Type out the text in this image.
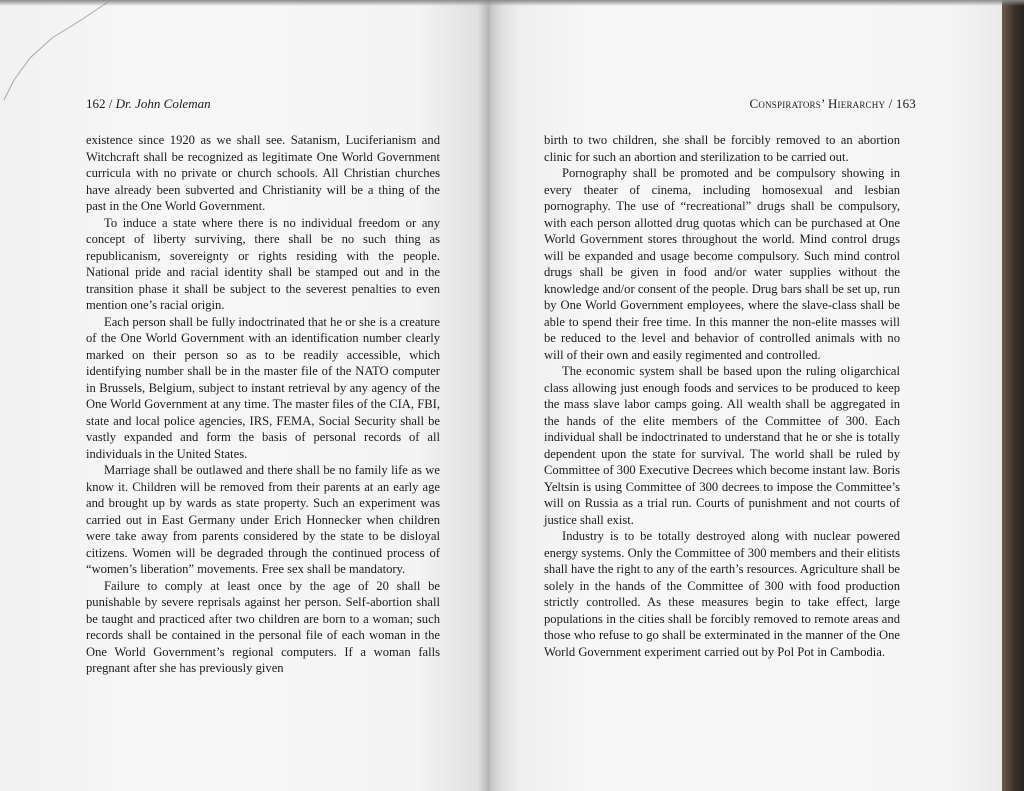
162 / Dr. John Coleman

existence since 1920 as we shall see. Satanism, Luciferianism and Witchcraft shall be recognized as legitimate One World Government curricula with no private or church schools. All Christian churches have already been subverted and Christianity will be a thing of the past in the One World Government.

To induce a state where there is no individual freedom or any concept of liberty surviving, there shall be no such thing as republicanism, sovereignty or rights residing with the people. National pride and racial identity shall be stamped out and in the transition phase it shall be subject to the severest penalties to even mention one’s racial origin.

Each person shall be fully indoctrinated that he or she is a creature of the One World Government with an identification number clearly marked on their person so as to be readily accessible, which identifying number shall be in the master file of the NATO computer in Brussels, Belgium, subject to instant retrieval by any agency of the One World Government at any time. The master files of the CIA, FBI, state and local police agencies, IRS, FEMA, Social Security shall be vastly expanded and form the basis of personal records of all individuals in the United States.

Marriage shall be outlawed and there shall be no family life as we know it. Children will be removed from their parents at an early age and brought up by wards as state property. Such an experiment was carried out in East Germany under Erich Honnecker when children were take away from parents considered by the state to be disloyal citizens. Women will be degraded through the continued process of “women’s liberation” movements. Free sex shall be mandatory.

Failure to comply at least once by the age of 20 shall be punishable by severe reprisals against her person. Self-abortion shall be taught and practiced after two children are born to a woman; such records shall be contained in the personal file of each woman in the One World Government’s regional computers. If a woman falls pregnant after she has previously given

Conspirators’ Hierarchy / 163

birth to two children, she shall be forcibly removed to an abortion clinic for such an abortion and sterilization to be carried out.

Pornography shall be promoted and be compulsory showing in every theater of cinema, including homosexual and lesbian pornography. The use of “recreational” drugs shall be compulsory, with each person allotted drug quotas which can be purchased at One World Government stores throughout the world. Mind control drugs will be expanded and usage become compulsory. Such mind control drugs shall be given in food and/or water supplies without the knowledge and/or consent of the people. Drug bars shall be set up, run by One World Government employees, where the slave-class shall be able to spend their free time. In this manner the non-elite masses will be reduced to the level and behavior of controlled animals with no will of their own and easily regimented and controlled.

The economic system shall be based upon the ruling oligarchical class allowing just enough foods and services to be produced to keep the mass slave labor camps going. All wealth shall be aggregated in the hands of the elite members of the Committee of 300. Each individual shall be indoctrinated to understand that he or she is totally dependent upon the state for survival. The world shall be ruled by Committee of 300 Executive Decrees which become instant law. Boris Yeltsin is using Committee of 300 decrees to impose the Committee’s will on Russia as a trial run. Courts of punishment and not courts of justice shall exist.

Industry is to be totally destroyed along with nuclear powered energy systems. Only the Committee of 300 members and their elitists shall have the right to any of the earth’s resources. Agriculture shall be solely in the hands of the Committee of 300 with food production strictly controlled. As these measures begin to take effect, large populations in the cities shall be forcibly removed to remote areas and those who refuse to go shall be exterminated in the manner of the One World Government experiment carried out by Pol Pot in Cambodia.
